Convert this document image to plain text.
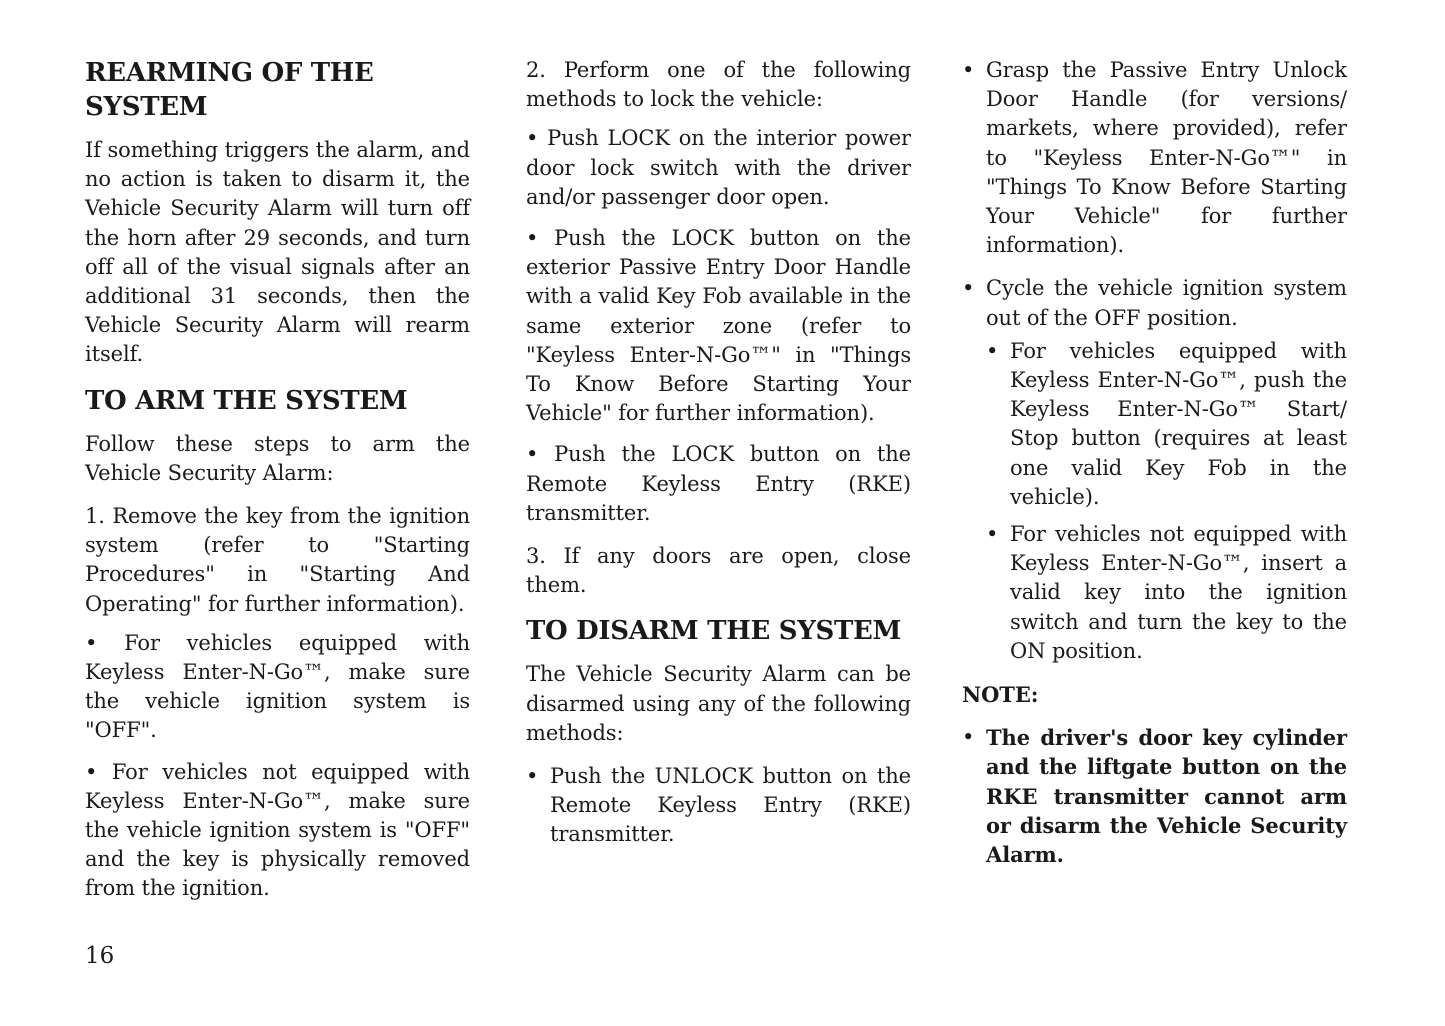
REARMING OF THE SYSTEM

If something triggers the alarm, and no action is taken to disarm it, the Vehicle Security Alarm will turn off the horn after 29 seconds, and turn off all of the visual signals after an additional 31 seconds, then the Vehicle Security Alarm will rearm itself.

TO ARM THE SYSTEM

Follow these steps to arm the Vehicle Security Alarm:

1. Remove the key from the ignition system (refer to "Starting Procedures" in "Starting And Operating" for further information).

• For vehicles equipped with Keyless Enter-N-Go™, make sure the vehicle ignition system is "OFF".

• For vehicles not equipped with Keyless Enter-N-Go™, make sure the vehicle ignition system is "OFF" and the key is physically removed from the ignition.

2. Perform one of the following methods to lock the vehicle:

• Push LOCK on the interior power door lock switch with the driver and/or passenger door open.

• Push the LOCK button on the exterior Passive Entry Door Handle with a valid Key Fob available in the same exterior zone (refer to "Keyless Enter-N-Go™" in "Things To Know Before Starting Your Vehicle" for further information).

• Push the LOCK button on the Remote Keyless Entry (RKE) transmitter.

3. If any doors are open, close them.

TO DISARM THE SYSTEM

The Vehicle Security Alarm can be disarmed using any of the following methods:

• Push the UNLOCK button on the Remote Keyless Entry (RKE) transmitter.

• Grasp the Passive Entry Unlock Door Handle (for versions/ markets, where provided), refer to "Keyless Enter-N-Go™" in "Things To Know Before Starting Your Vehicle" for further information).

• Cycle the vehicle ignition system out of the OFF position.

• For vehicles equipped with Keyless Enter-N-Go™, push the Keyless Enter-N-Go™ Start/ Stop button (requires at least one valid Key Fob in the vehicle).

• For vehicles not equipped with Keyless Enter-N-Go™, insert a valid key into the ignition switch and turn the key to the ON position.

NOTE:

• The driver's door key cylinder and the liftgate button on the RKE transmitter cannot arm or disarm the Vehicle Security Alarm.

16
